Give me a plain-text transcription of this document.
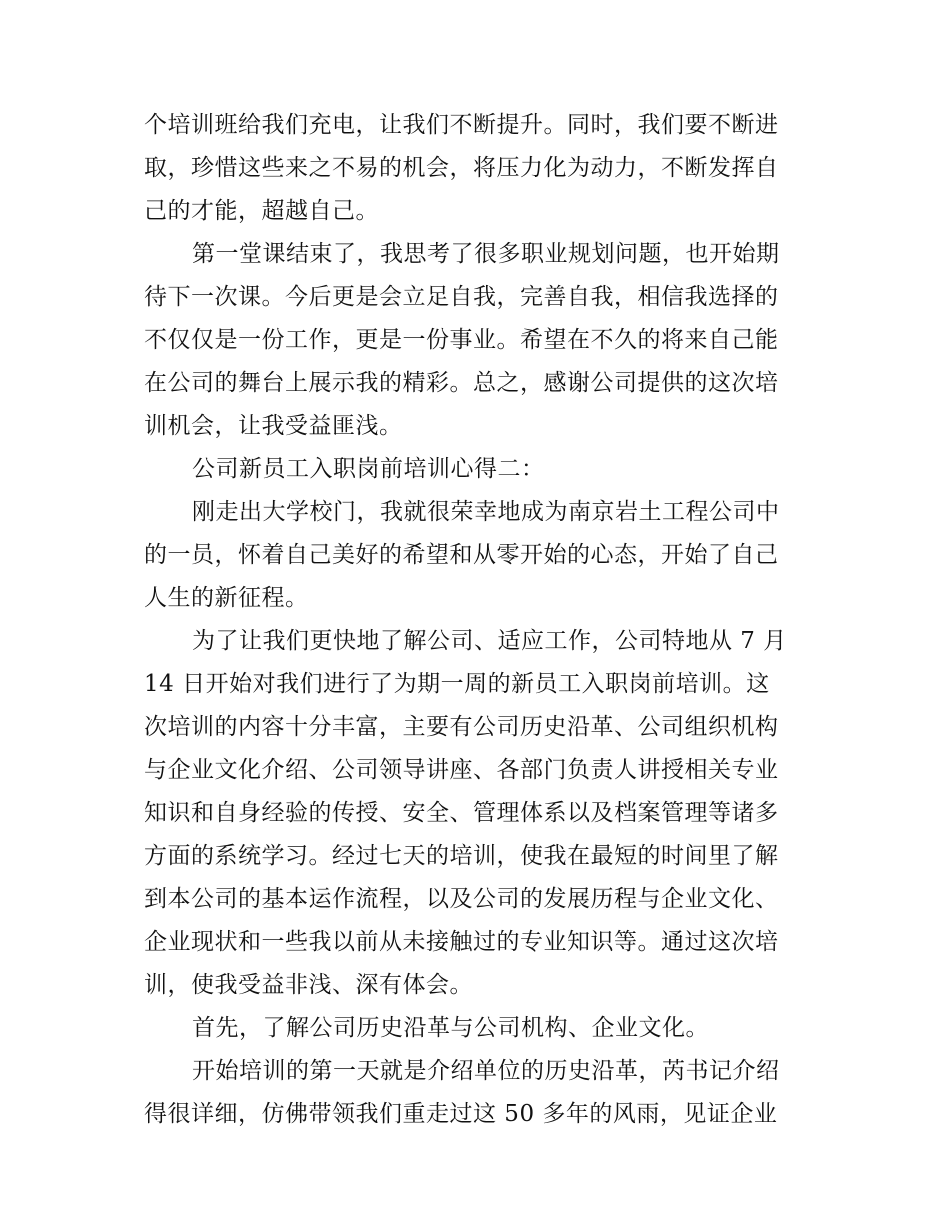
个培训班给我们充电，让我们不断提升。同时，我们要不断进
取，珍惜这些来之不易的机会，将压力化为动力，不断发挥自
己的才能，超越自己。
第一堂课结束了，我思考了很多职业规划问题，也开始期
待下一次课。今后更是会立足自我，完善自我，相信我选择的
不仅仅是一份工作，更是一份事业。希望在不久的将来自己能
在公司的舞台上展示我的精彩。总之，感谢公司提供的这次培
训机会，让我受益匪浅。
公司新员工入职岗前培训心得二：
刚走出大学校门，我就很荣幸地成为南京岩土工程公司中
的一员，怀着自己美好的希望和从零开始的心态，开始了自己
人生的新征程。
为了让我们更快地了解公司、适应工作，公司特地从 7 月
14 日开始对我们进行了为期一周的新员工入职岗前培训。这
次培训的内容十分丰富，主要有公司历史沿革、公司组织机构
与企业文化介绍、公司领导讲座、各部门负责人讲授相关专业
知识和自身经验的传授、安全、管理体系以及档案管理等诸多
方面的系统学习。经过七天的培训，使我在最短的时间里了解
到本公司的基本运作流程，以及公司的发展历程与企业文化、
企业现状和一些我以前从未接触过的专业知识等。通过这次培
训，使我受益非浅、深有体会。
首先，了解公司历史沿革与公司机构、企业文化。
开始培训的第一天就是介绍单位的历史沿革，芮书记介绍
得很详细，仿佛带领我们重走过这 50 多年的风雨，见证企业
